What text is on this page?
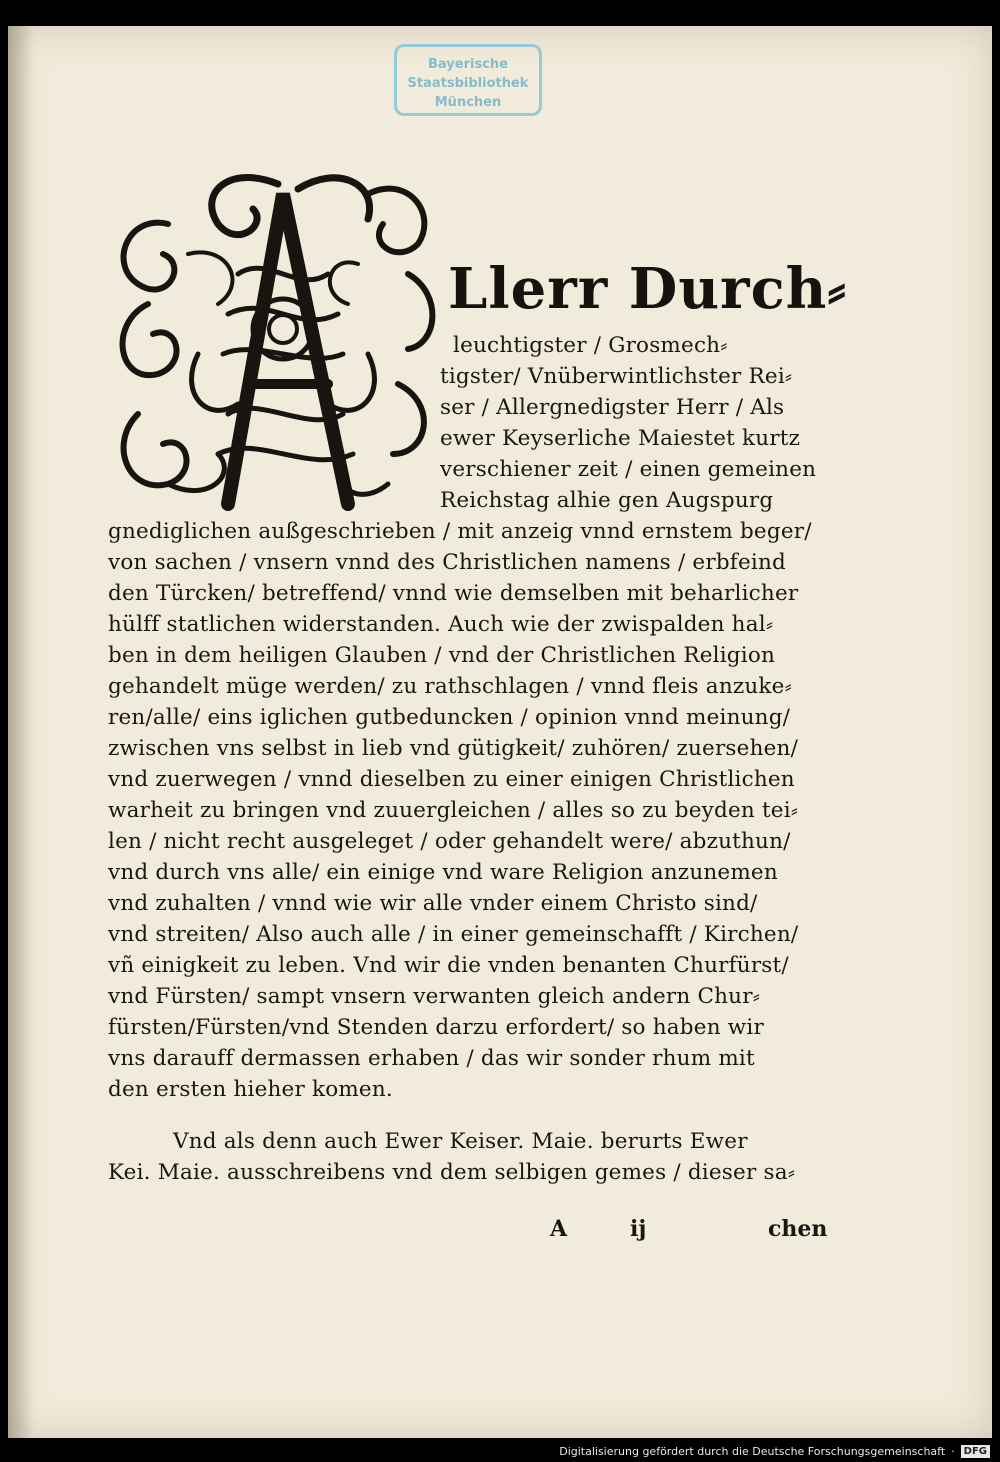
Bayerische
Staatsbibliothek
München
Llerr Durch⸗
leuchtigster / Grosmech⸗
tigster/ Vnüberwintlichster Rei⸗
ser / Allergnedigster Herr / Als
ewer Keyserliche Maiestet kurtz
verschiener zeit / einen gemeinen
Reichstag alhie gen Augspurg
gnediglichen außgeschrieben / mit anzeig vnnd ernstem beger/
von sachen / vnsern vnnd des Christlichen namens / erbfeind
den Türcken/ betreffend/ vnnd wie demselben mit beharlicher
hülff statlichen widerstanden. Auch wie der zwispalden hal⸗
ben in dem heiligen Glauben / vnd der Christlichen Religion
gehandelt müge werden/ zu rathschlagen / vnnd fleis anzuke⸗
ren/alle/ eins iglichen gutbeduncken / opinion vnnd meinung/
zwischen vns selbst in lieb vnd gütigkeit/ zuhören/ zuersehen/
vnd zuerwegen / vnnd dieselben zu einer einigen Christlichen
warheit zu bringen vnd zuuergleichen / alles so zu beyden tei⸗
len / nicht recht ausgeleget / oder gehandelt were/ abzuthun/
vnd durch vns alle/ ein einige vnd ware Religion anzunemen
vnd zuhalten / vnnd wie wir alle vnder einem Christo sind/
vnd streiten/ Also auch alle / in einer gemeinschafft / Kirchen/
vñ einigkeit zu leben. Vnd wir die vnden benanten Churfürst/
vnd Fürsten/ sampt vnsern verwanten gleich andern Chur⸗
fürsten/Fürsten/vnd Stenden darzu erfordert/ so haben wir
vns darauff dermassen erhaben / das wir sonder rhum mit
den ersten hieher komen.
Vnd als denn auch Ewer Keiser. Maie. berurts Ewer
Kei. Maie. ausschreibens vnd dem selbigen gemes / dieser sa⸗
A	ij	chen
Digitalisierung gefördert durch die Deutsche Forschungsgemeinschaft · DFG
